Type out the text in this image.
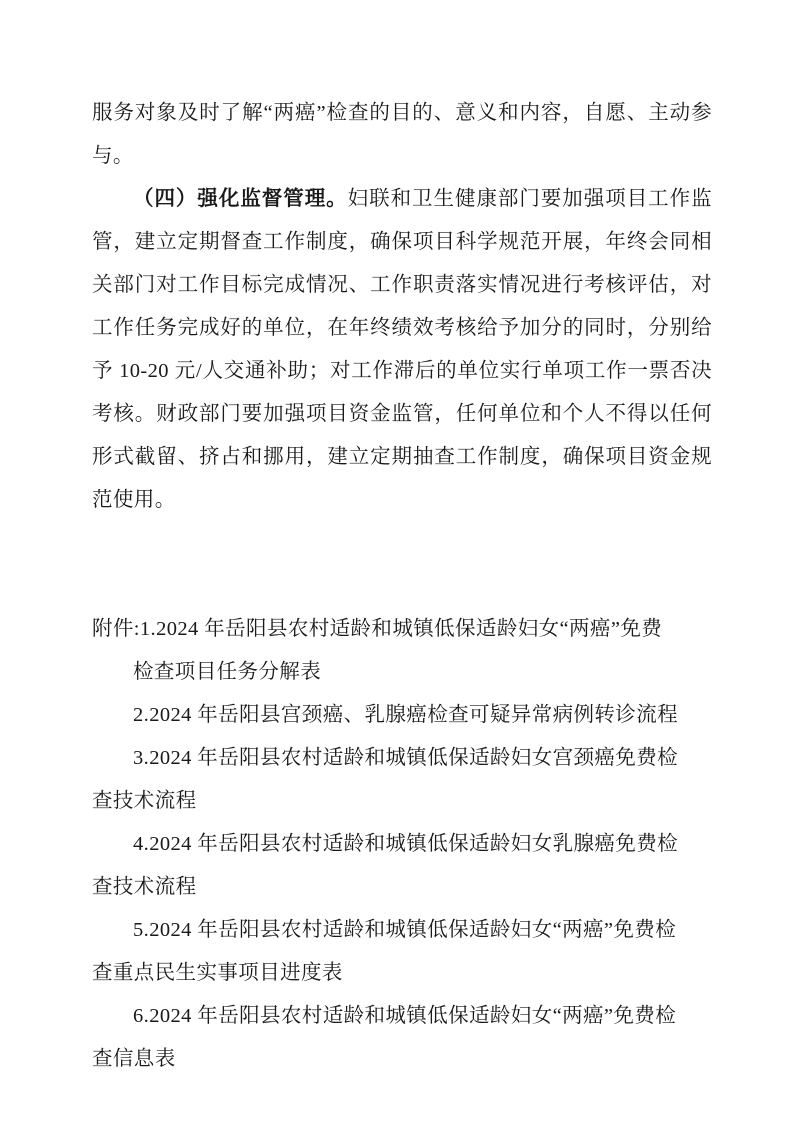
服务对象及时了解“两癌”检查的目的、意义和内容，自愿、主动参与。

（四）强化监督管理。妇联和卫生健康部门要加强项目工作监管，建立定期督查工作制度，确保项目科学规范开展，年终会同相关部门对工作目标完成情况、工作职责落实情况进行考核评估，对工作任务完成好的单位，在年终绩效考核给予加分的同时，分别给予 10-20 元/人交通补助；对工作滞后的单位实行单项工作一票否决考核。财政部门要加强项目资金监管，任何单位和个人不得以任何形式截留、挤占和挪用，建立定期抽查工作制度，确保项目资金规范使用。

附件:1.2024 年岳阳县农村适龄和城镇低保适龄妇女“两癌”免费

检查项目任务分解表

2.2024 年岳阳县宫颈癌、乳腺癌检查可疑异常病例转诊流程

3.2024 年岳阳县农村适龄和城镇低保适龄妇女宫颈癌免费检

查技术流程

4.2024 年岳阳县农村适龄和城镇低保适龄妇女乳腺癌免费检

查技术流程

5.2024 年岳阳县农村适龄和城镇低保适龄妇女“两癌”免费检

查重点民生实事项目进度表

6.2024 年岳阳县农村适龄和城镇低保适龄妇女“两癌”免费检

查信息表
